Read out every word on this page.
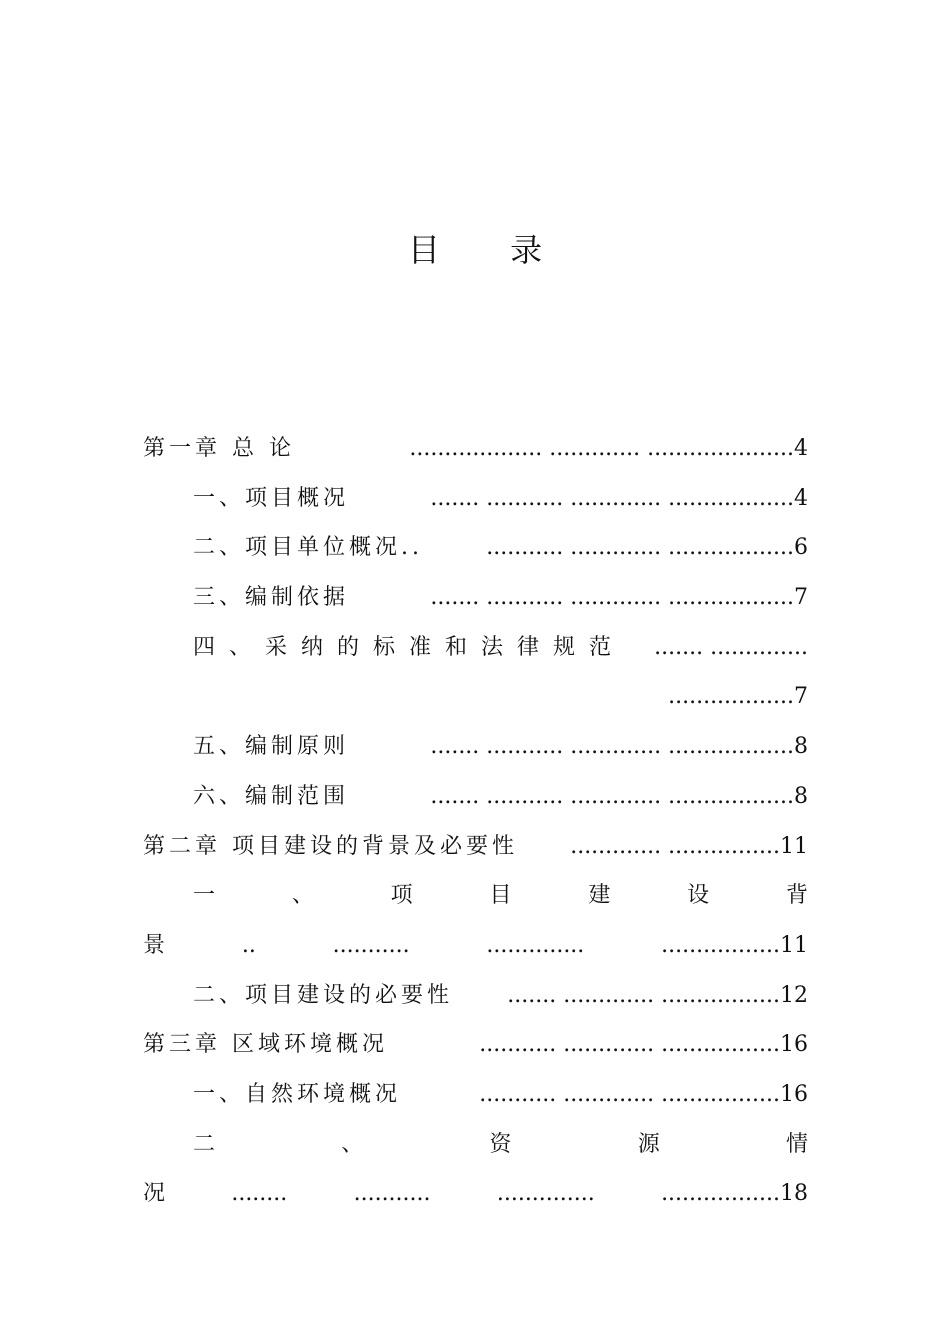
目 录
第一章 总 论	................... ............. .....................4
一、项目概况	....... ........... ............. ..................4
二、项目单位概况..	........... ............. ..................6
三、编制依据	....... ........... ............. ..................7
四、采纳的标准和法律规范 ....... ..............
..................7
五、编制原则	....... ........... ............. ..................8
六、编制范围	....... ........... ............. ..................8
第二章 项目建设的背景及必要性 ............. ................11
一	、	项	目	建	设	背
景	..	...........	..............	.................11
二、项目建设的必要性 ....... ............. .................12
第三章 区域环境概况	........... ............. .................16
一、自然环境概况	........... ............. .................16
二	、	资	源	情
况	........	...........	..............	.................18
